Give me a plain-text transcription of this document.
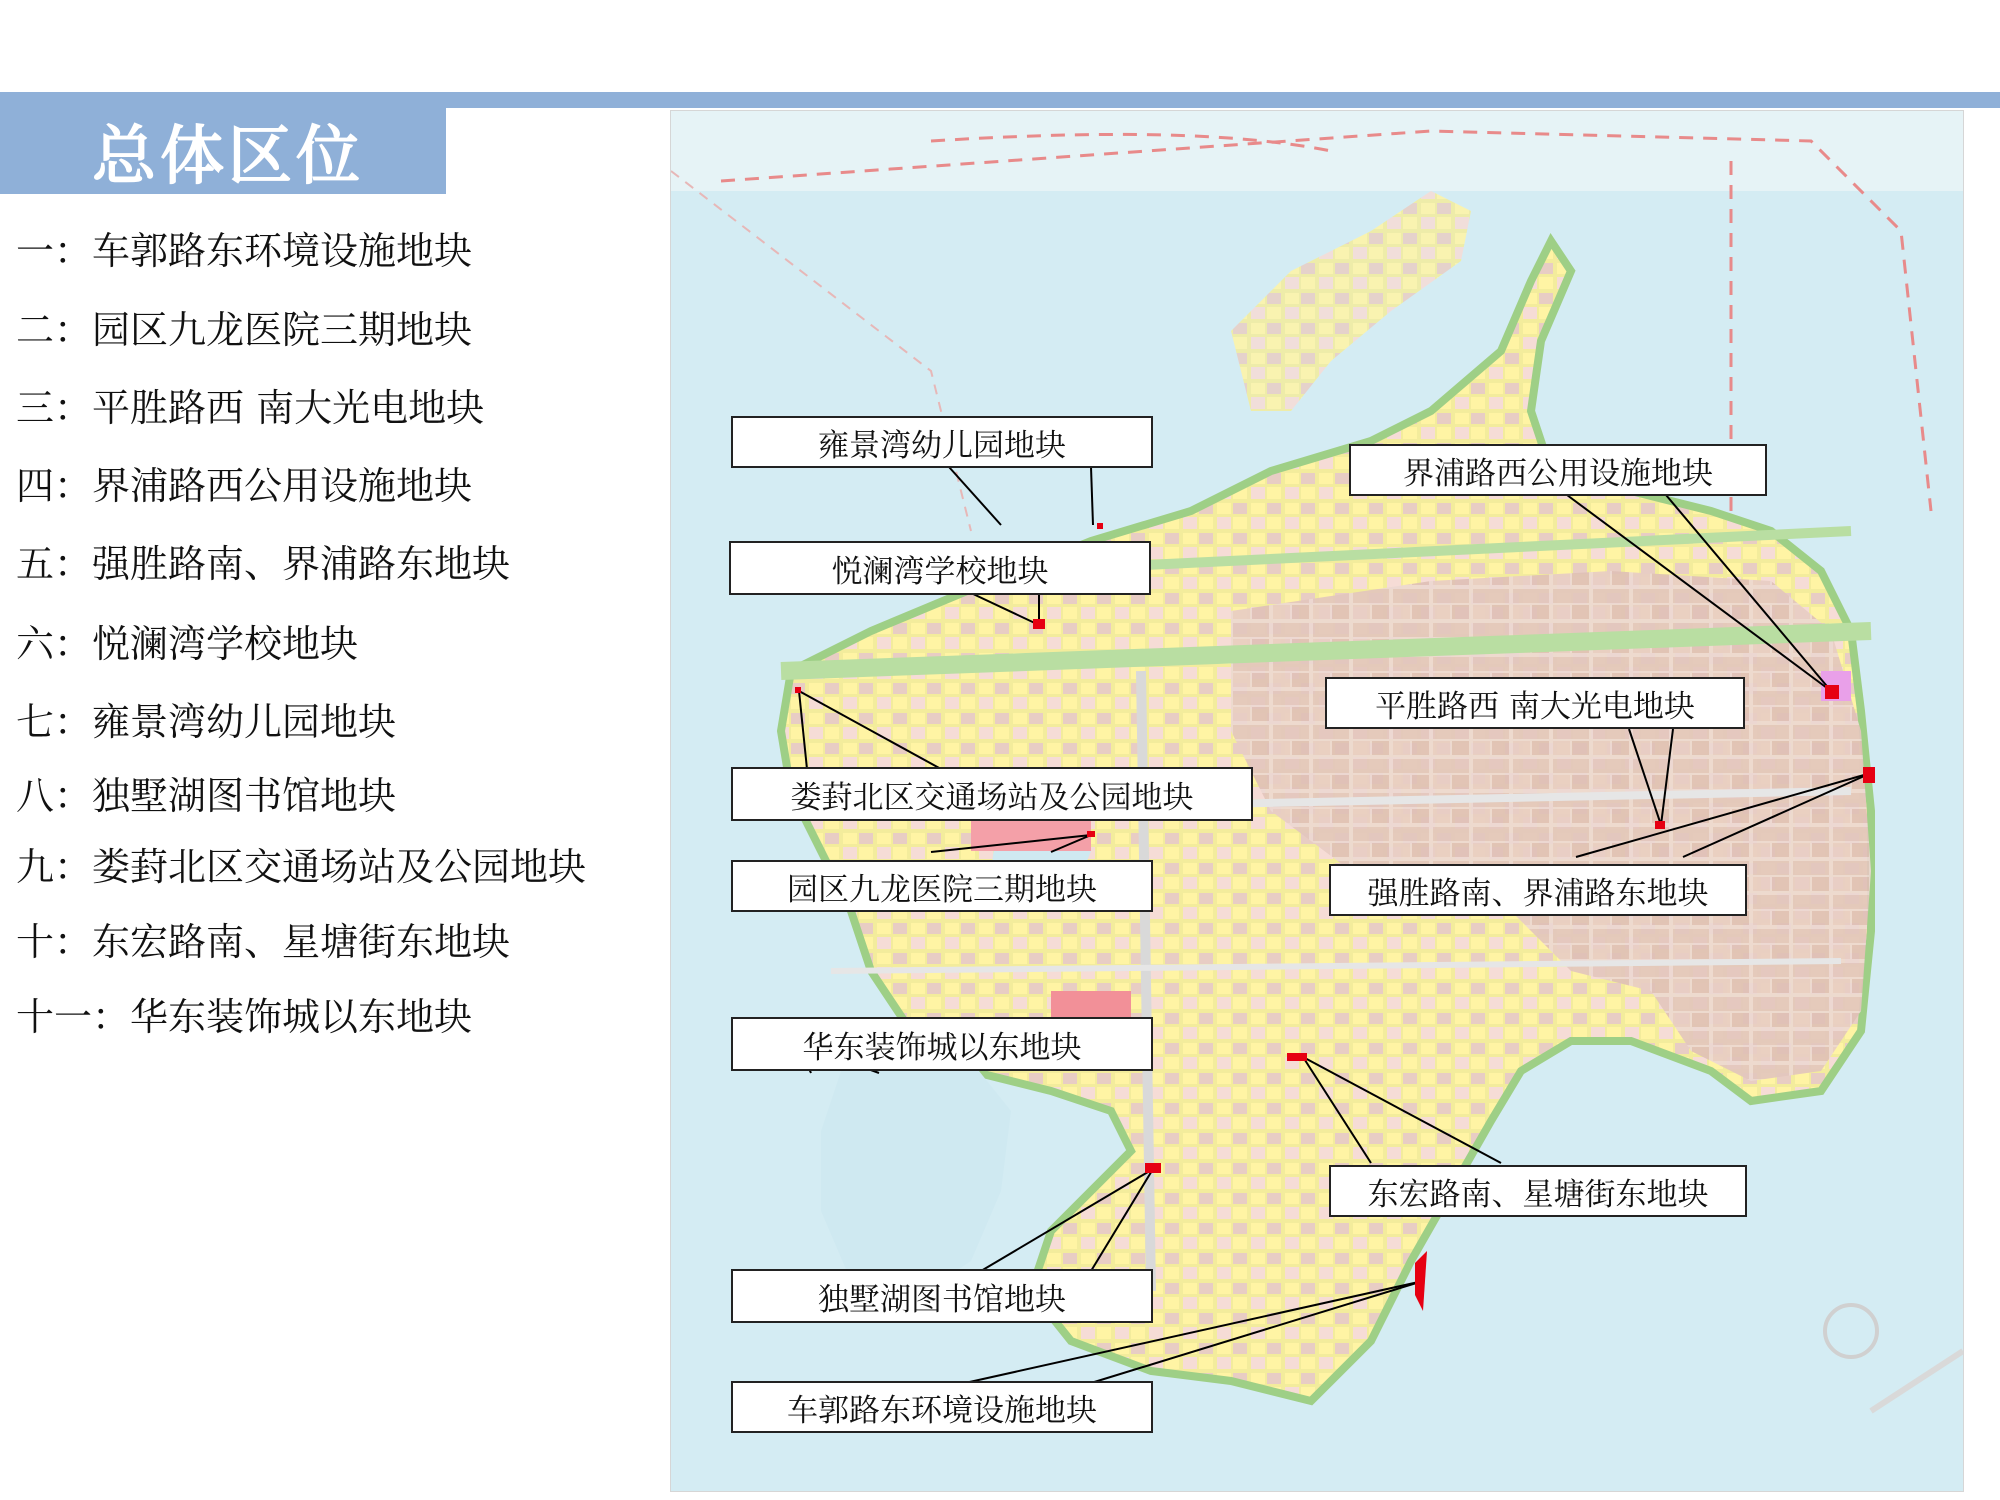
总体区位
一：车郭路东环境设施地块
二：园区九龙医院三期地块
三：平胜路西 南大光电地块
四：界浦路西公用设施地块
五：强胜路南、界浦路东地块
六：悦澜湾学校地块
七：雍景湾幼儿园地块
八：独墅湖图书馆地块
九：娄葑北区交通场站及公园地块
十：东宏路南、星塘街东地块
十一：华东装饰城以东地块
雍景湾幼儿园地块
界浦路西公用设施地块
悦澜湾学校地块
平胜路西 南大光电地块
娄葑北区交通场站及公园地块
园区九龙医院三期地块	强胜路南、界浦路东地块
华东装饰城以东地块
东宏路南、星塘街东地块
独墅湖图书馆地块
车郭路东环境设施地块
